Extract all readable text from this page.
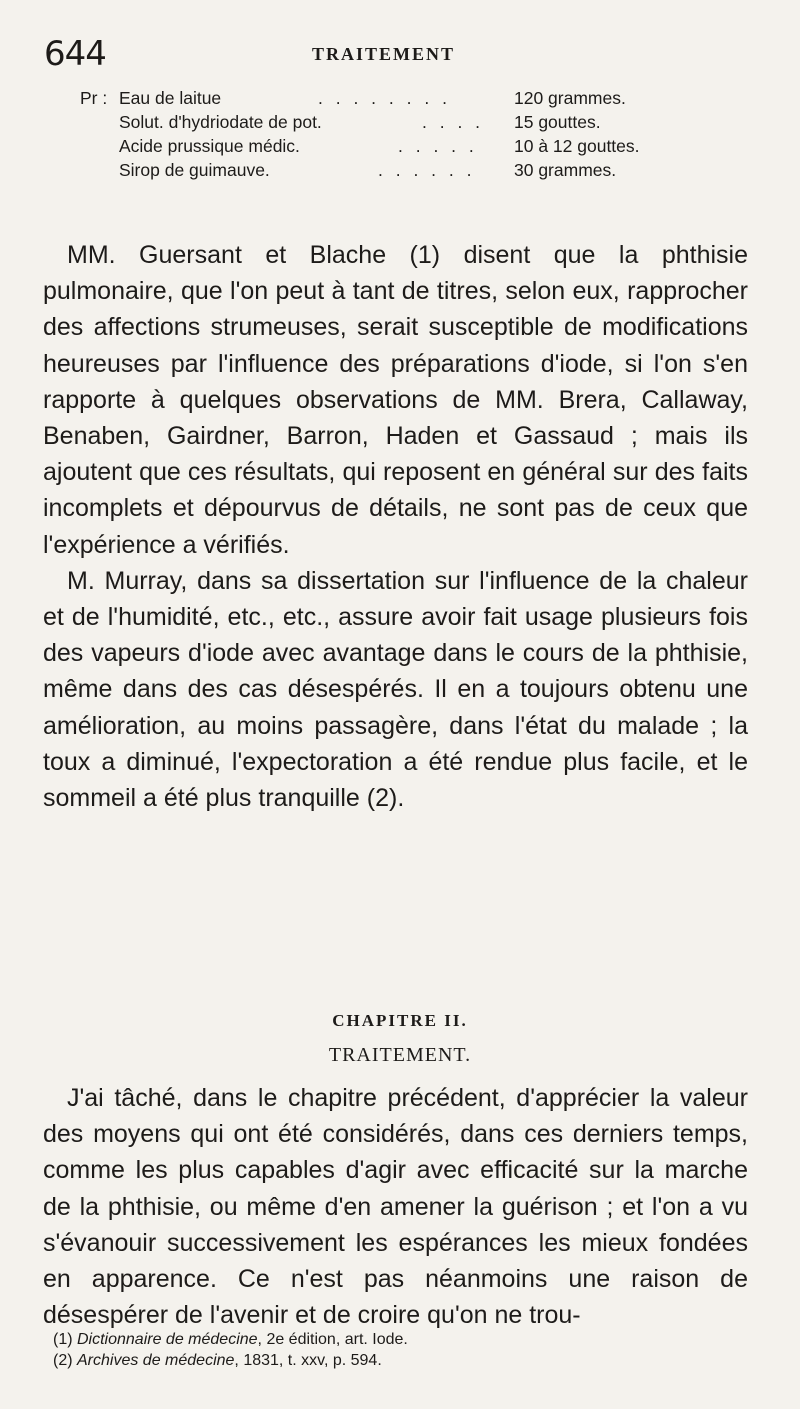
644	TRAITEMENT
Pr : Eau de laitue	. . . . . . . .	120 grammes.
Solut. d'hydriodate de pot.	. . . . 15 gouttes.
Acide prussique médic.	. . . . . 10 à 12 gouttes.
Sirop de guimauve.	. . . . . . 30 grammes.

MM. Guersant et Blache (1) disent que la phthisie pulmonaire, que l'on peut à tant de titres, selon eux, rapprocher des affections strumeuses, serait susceptible de modifications heureuses par l'influence des préparations d'iode, si l'on s'en rapporte à quelques observations de MM. Brera, Callaway, Benaben, Gairdner, Barron, Haden et Gassaud ; mais ils ajoutent que ces résultats, qui reposent en général sur des faits incomplets et dépourvus de détails, ne sont pas de ceux que l'expérience a vérifiés.

M. Murray, dans sa dissertation sur l'influence de la chaleur et de l'humidité, etc., etc., assure avoir fait usage plusieurs fois des vapeurs d'iode avec avantage dans le cours de la phthisie, même dans des cas désespérés. Il en a toujours obtenu une amélioration, au moins passagère, dans l'état du malade ; la toux a diminué, l'expectoration a été rendue plus facile, et le sommeil a été plus tranquille (2).

CHAPITRE II.
TRAITEMENT.

J'ai tâché, dans le chapitre précédent, d'apprécier la valeur des moyens qui ont été considérés, dans ces derniers temps, comme les plus capables d'agir avec efficacité sur la marche de la phthisie, ou même d'en amener la guérison ; et l'on a vu s'évanouir successivement les espérances les mieux fondées en apparence. Ce n'est pas néanmoins une raison de désespérer de l'avenir et de croire qu'on ne trou-

(1) Dictionnaire de médecine, 2e édition, art. Iode.
(2) Archives de médecine, 1831, t. xxv, p. 594.
